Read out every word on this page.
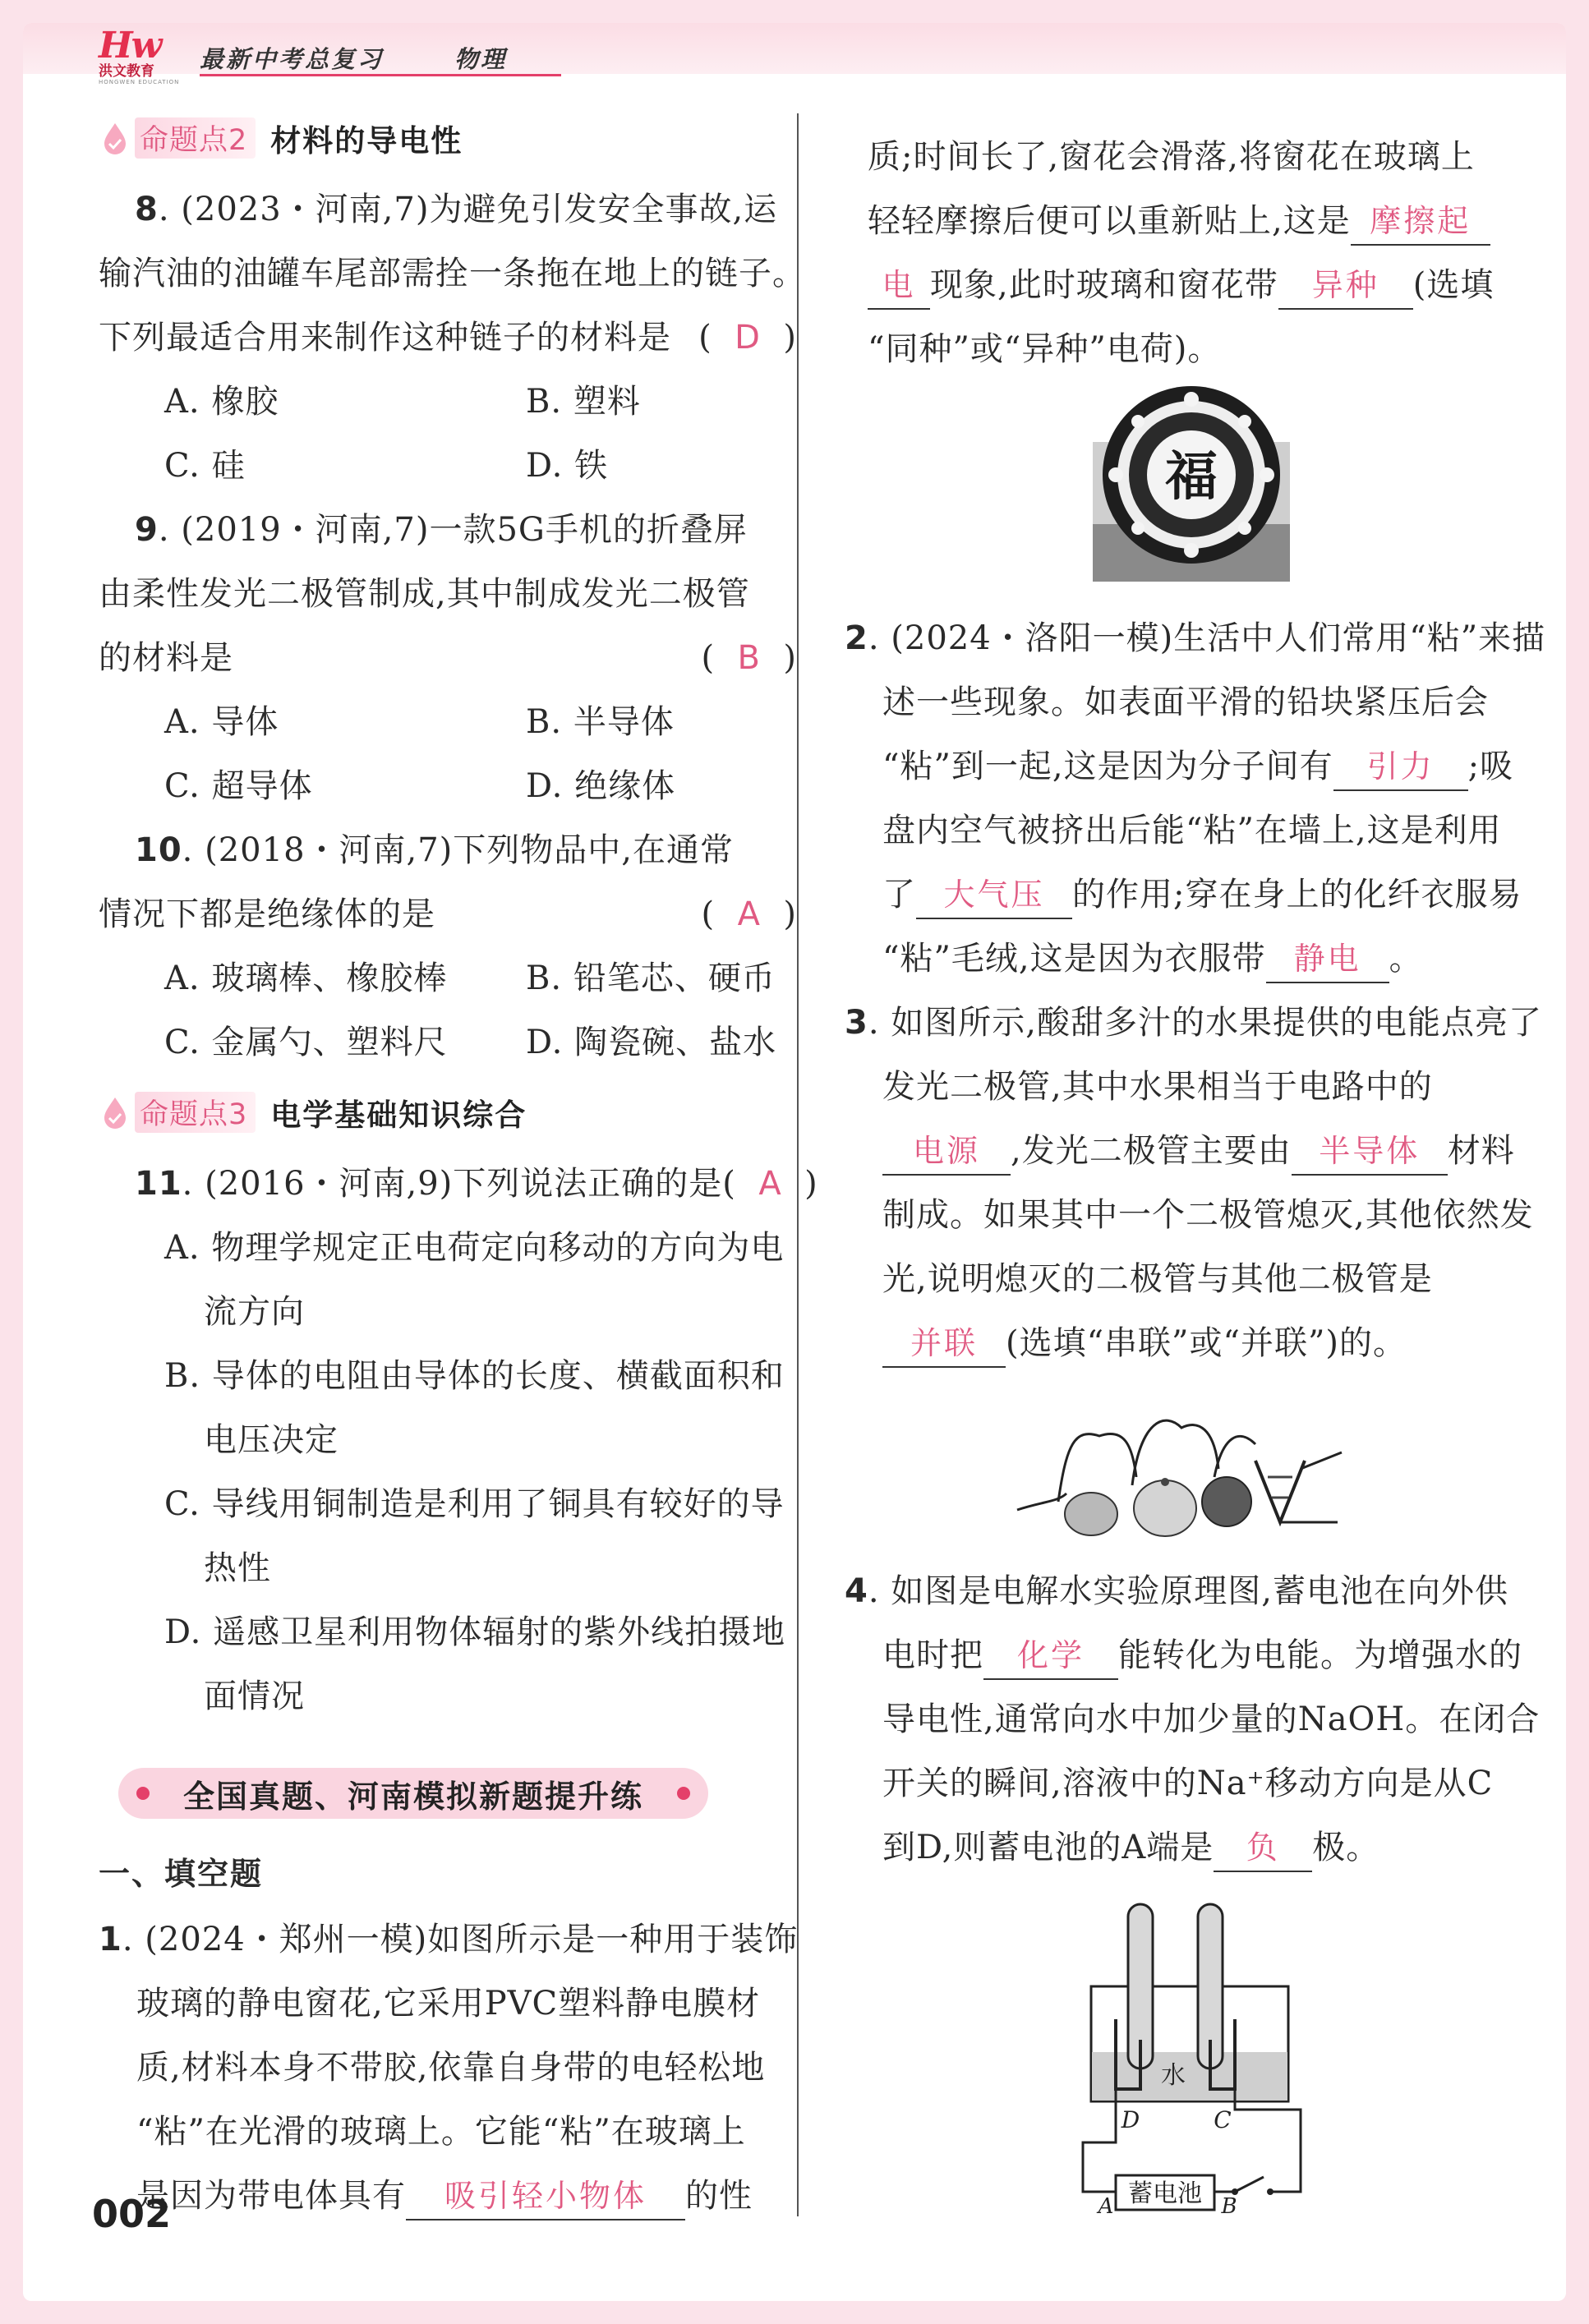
Hw
洪文教育
HONGWEN EDUCATION
最新中考总复习	物理
命题点2 材料的导电性
8. (2023・河南,7)为避免引发安全事故,运
输汽油的油罐车尾部需拴一条拖在地上的链子。
下列最适合用来制作这种链子的材料是 (  D  )
A. 橡胶	B. 塑料
C. 硅	D. 铁
9. (2019・河南,7)一款5G手机的折叠屏
由柔性发光二极管制成,其中制成发光二极管
的材料是	(  B  )
A. 导体	B. 半导体
C. 超导体	D. 绝缘体
10. (2018・河南,7)下列物品中,在通常
情况下都是绝缘体的是	(  A  )
A. 玻璃棒、橡胶棒 B. 铅笔芯、硬币
C. 金属勺、塑料尺 D. 陶瓷碗、盐水
命题点3 电学基础知识综合
11. (2016・河南,9)下列说法正确的是(  A  )
A. 物理学规定正电荷定向移动的方向为电
流方向
B. 导体的电阻由导体的长度、横截面积和
电压决定
C. 导线用铜制造是利用了铜具有较好的导
热性
D. 遥感卫星利用物体辐射的紫外线拍摄地
面情况
全国真题、河南模拟新题提升练
一、填空题
1. (2024・郑州一模)如图所示是一种用于装饰
玻璃的静电窗花,它采用PVC塑料静电膜材
质,材料本身不带胶,依靠自身带的电轻松地
“粘”在光滑的玻璃上。它能“粘”在玻璃上
是因为带电体具有 吸引轻小物体 的性
002
质;时间长了,窗花会滑落,将窗花在玻璃上
轻轻摩擦后便可以重新贴上,这是 摩擦起
电 现象,此时玻璃和窗花带 异种 (选填
“同种”或“异种”电荷)。
福
2. (2024・洛阳一模)生活中人们常用“粘”来描
述一些现象。如表面平滑的铅块紧压后会
“粘”到一起,这是因为分子间有 引力 ;吸
盘内空气被挤出后能“粘”在墙上,这是利用
了 大气压 的作用;穿在身上的化纤衣服易
“粘”毛绒,这是因为衣服带 静电 。
3. 如图所示,酸甜多汁的水果提供的电能点亮了
发光二极管,其中水果相当于电路中的
电源 ,发光二极管主要由 半导体 材料
制成。如果其中一个二极管熄灭,其他依然发
光,说明熄灭的二极管与其他二极管是
并联 (选填“串联”或“并联”)的。
4. 如图是电解水实验原理图,蓄电池在向外供
电时把 化学 能转化为电能。为增强水的
导电性,通常向水中加少量的NaOH。在闭合
开关的瞬间,溶液中的Na⁺移动方向是从C
到D,则蓄电池的A端是 负 极。
水
D	C
蓄电池
A	B
